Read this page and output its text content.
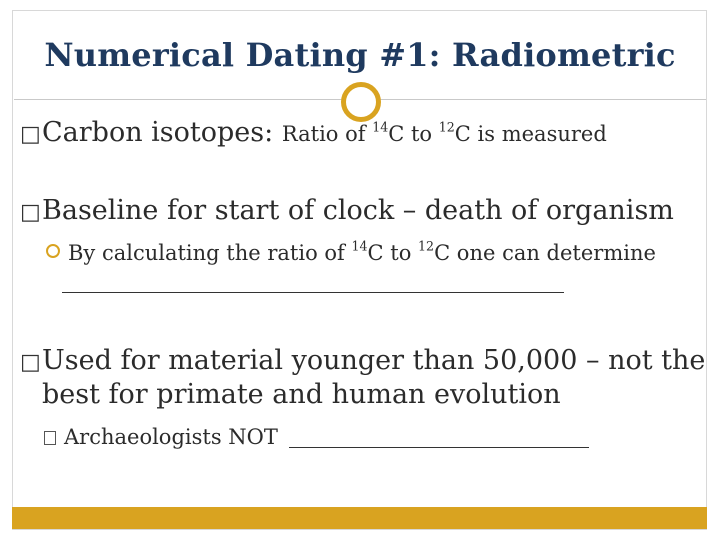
Numerical Dating #1: Radiometric
□Carbon isotopes: Ratio of $^{14}$C to $^{12}$C is measured
□Baseline for start of clock – death of organism
By calculating the ratio of $^{14}$C to $^{12}$C one can determine
□Used for material younger than 50,000 – not the
best for primate and human evolution
Archaeologists NOT
